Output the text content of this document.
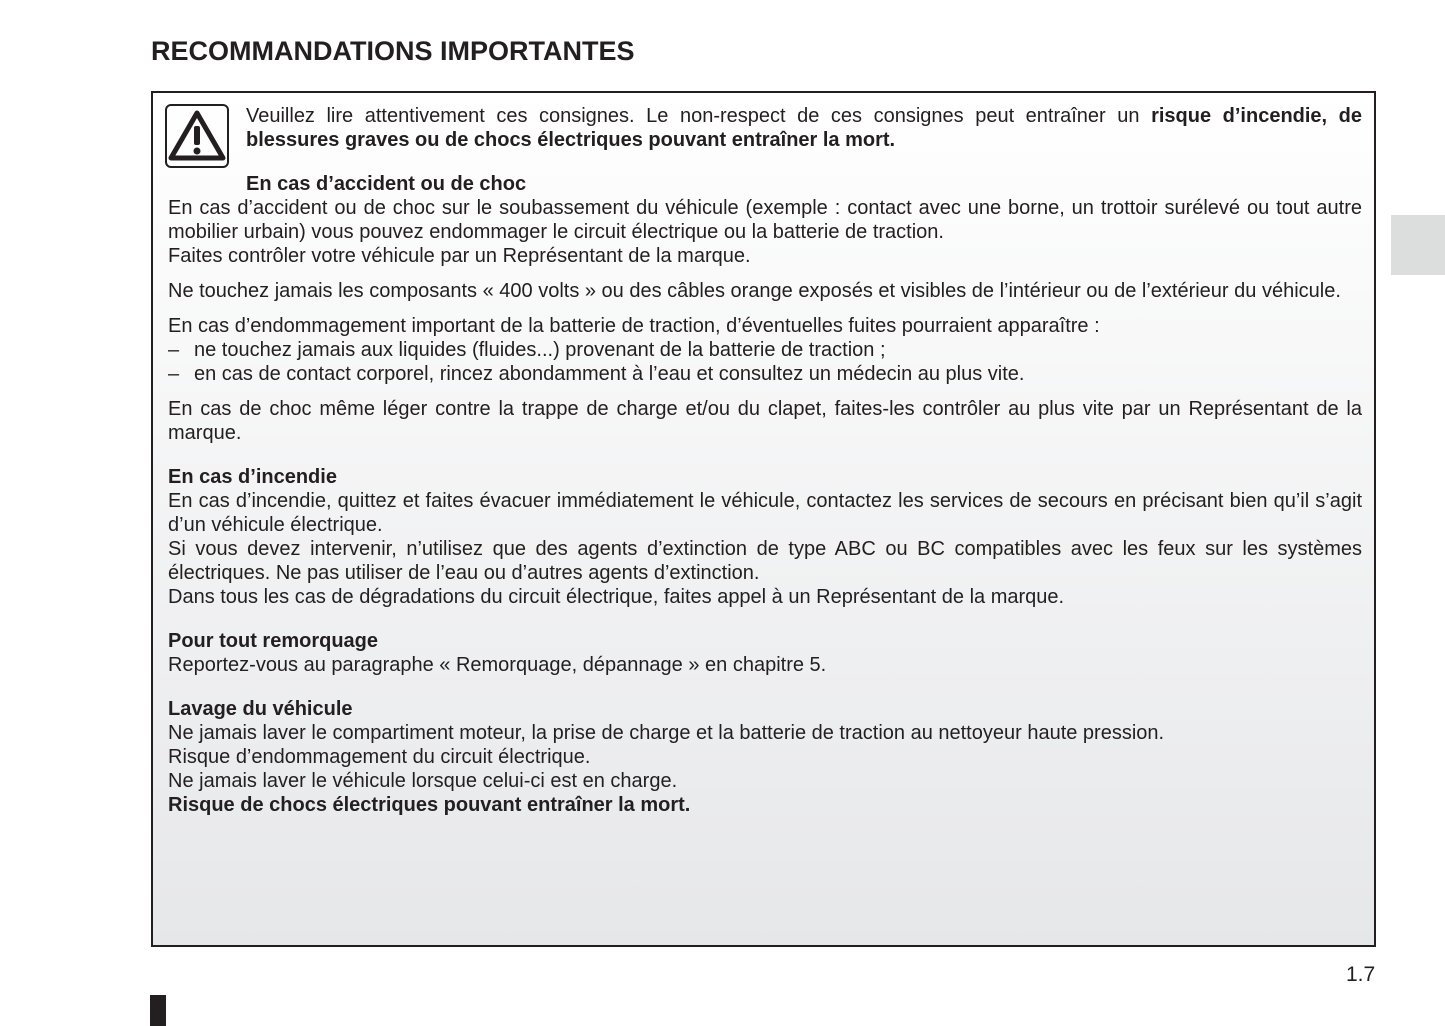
RECOMMANDATIONS IMPORTANTES

Veuillez lire attentivement ces consignes. Le non-respect de ces consignes peut entraîner un risque d’incendie, de blessures graves ou de chocs électriques pouvant entraîner la mort.

En cas d’accident ou de choc

En cas d’accident ou de choc sur le soubassement du véhicule (exemple : contact avec une borne, un trottoir surélevé ou tout autre mobilier urbain) vous pouvez endommager le circuit électrique ou la batterie de traction.

Faites contrôler votre véhicule par un Représentant de la marque.

Ne touchez jamais les composants « 400 volts » ou des câbles orange exposés et visibles de l’intérieur ou de l’extérieur du véhicule.

En cas d’endommagement important de la batterie de traction, d’éventuelles fuites pourraient apparaître :

– ne touchez jamais aux liquides (fluides...) provenant de la batterie de traction ;

– en cas de contact corporel, rincez abondamment à l’eau et consultez un médecin au plus vite.

En cas de choc même léger contre la trappe de charge et/ou du clapet, faites-les contrôler au plus vite par un Représentant de la marque.

En cas d’incendie

En cas d’incendie, quittez et faites évacuer immédiatement le véhicule, contactez les services de secours en précisant bien qu’il s’agit d’un véhicule électrique.

Si vous devez intervenir, n’utilisez que des agents d’extinction de type ABC ou BC compatibles avec les feux sur les systèmes électriques. Ne pas utiliser de l’eau ou d’autres agents d’extinction.

Dans tous les cas de dégradations du circuit électrique, faites appel à un Représentant de la marque.

Pour tout remorquage

Reportez-vous au paragraphe « Remorquage, dépannage » en chapitre 5.

Lavage du véhicule

Ne jamais laver le compartiment moteur, la prise de charge et la batterie de traction au nettoyeur haute pression.

Risque d’endommagement du circuit électrique.

Ne jamais laver le véhicule lorsque celui-ci est en charge.

Risque de chocs électriques pouvant entraîner la mort.

1.7
